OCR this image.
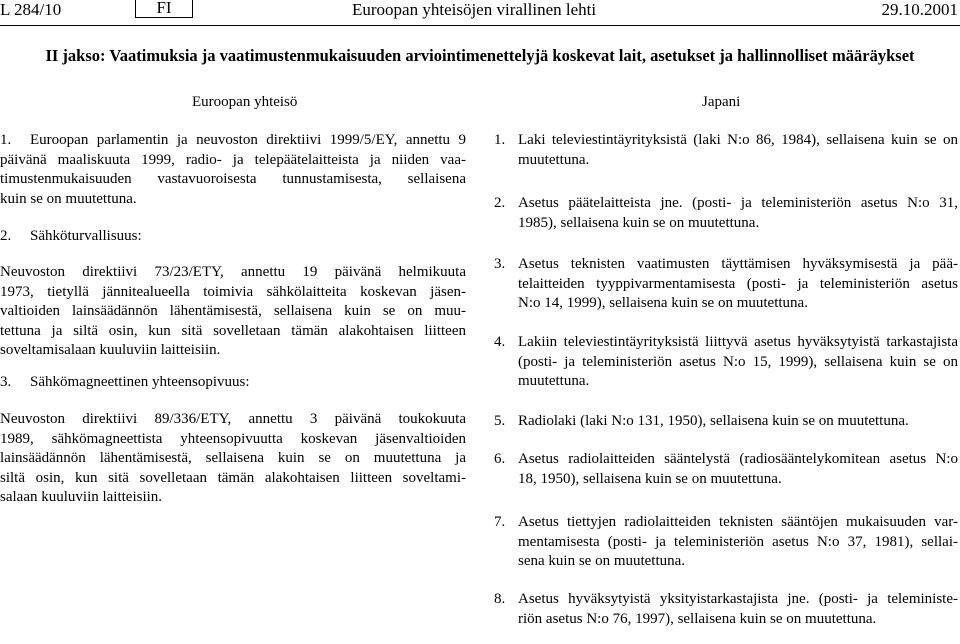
L 284/10	FI	Euroopan yhteisöjen virallinen lehti	29.10.2001
II jakso: Vaatimuksia ja vaatimustenmukaisuuden arviointimenettelyjä koskevat lait, asetukset ja hallinnolliset määräykset
Euroopan yhteisö	Japani
1. Euroopan parlamentin ja neuvoston direktiivi 1999/5/EY, annettu 9
päivänä maaliskuuta 1999, radio- ja telepäätelaitteista ja niiden vaa-
timustenmukaisuuden vastavuoroisesta tunnustamisesta, sellaisena
kuin se on muutettuna.
2. Sähköturvallisuus:
Neuvoston direktiivi 73/23/ETY, annettu 19 päivänä helmikuuta
1973, tietyllä jännitealueella toimivia sähkölaitteita koskevan jäsen-
valtioiden lainsäädännön lähentämisestä, sellaisena kuin se on muu-
tettuna ja siltä osin, kun sitä sovelletaan tämän alakohtaisen liitteen
soveltamisalaan kuuluviin laitteisiin.
3. Sähkömagneettinen yhteensopivuus:
Neuvoston direktiivi 89/336/ETY, annettu 3 päivänä toukokuuta
1989, sähkömagneettista yhteensopivuutta koskevan jäsenvaltioiden
lainsäädännön lähentämisestä, sellaisena kuin se on muutettuna ja
siltä osin, kun sitä sovelletaan tämän alakohtaisen liitteen soveltami-
salaan kuuluviin laitteisiin.
1. Laki televiestintäyrityksistä (laki N:o 86, 1984), sellaisena kuin se on
muutettuna.
2. Asetus päätelaitteista jne. (posti- ja teleministeriön asetus N:o 31,
1985), sellaisena kuin se on muutettuna.
3. Asetus teknisten vaatimusten täyttämisen hyväksymisestä ja pää-
telaitteiden tyyppivarmentamisesta (posti- ja teleministeriön asetus
N:o 14, 1999), sellaisena kuin se on muutettuna.
4. Lakiin televiestintäyrityksistä liittyvä asetus hyväksytyistä tarkastajista
(posti- ja teleministeriön asetus N:o 15, 1999), sellaisena kuin se on
muutettuna.
5. Radiolaki (laki N:o 131, 1950), sellaisena kuin se on muutettuna.
6. Asetus radiolaitteiden sääntelystä (radiosääntelykomitean asetus N:o
18, 1950), sellaisena kuin se on muutettuna.
7. Asetus tiettyjen radiolaitteiden teknisten sääntöjen mukaisuuden var-
mentamisesta (posti- ja teleministeriön asetus N:o 37, 1981), sellai-
sena kuin se on muutettuna.
8. Asetus hyväksytyistä yksityistarkastajista jne. (posti- ja teleministe-
riön asetus N:o 76, 1997), sellaisena kuin se on muutettuna.
